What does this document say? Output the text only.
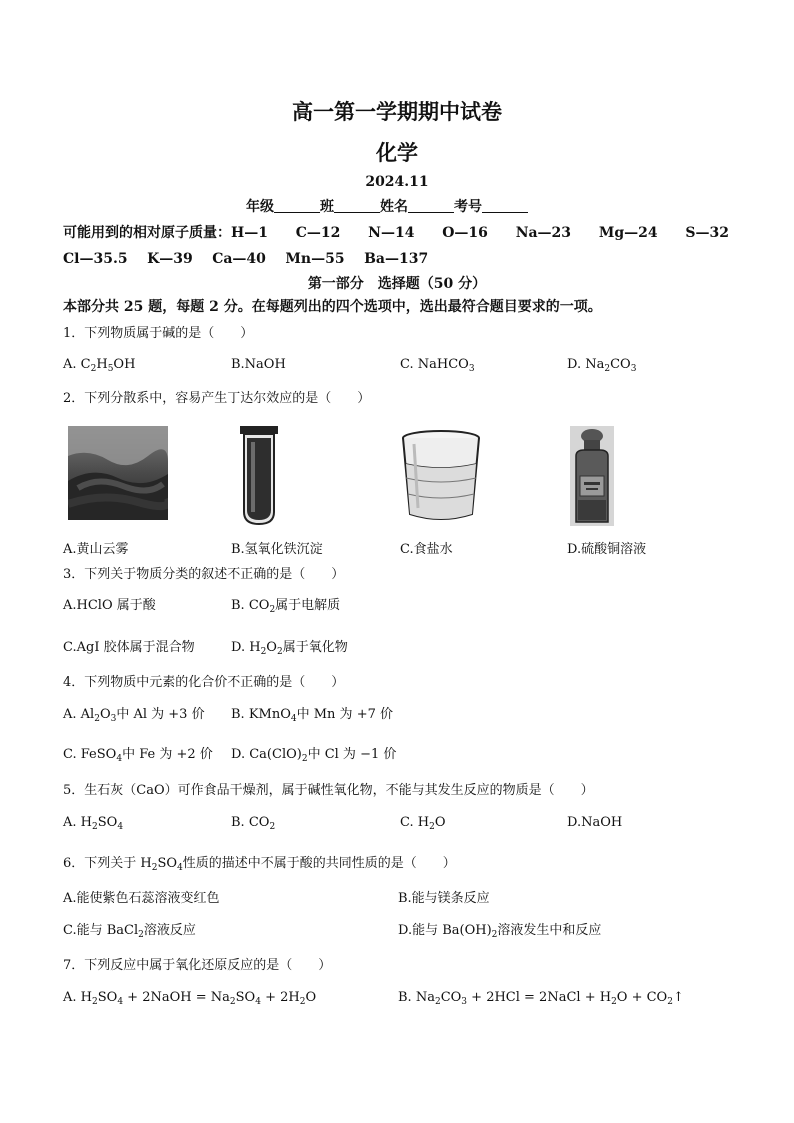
高一第一学期期中试卷
化学
2024.11
年级	班	姓名	考号
可能用到的相对原子质量：H—1 C—12 N—14 O—16 Na—23 Mg—24 S—32
Cl—35.5 K—39 Ca—40 Mn—55 Ba—137
第一部分　选择题（50 分）
本部分共 25 题，每题 2 分。在每题列出的四个选项中，选出最符合题目要求的一项。
1．下列物质属于碱的是（　　）
A. $C_2H_5OH$	B.NaOH	C. NaHCO$_3$	D. $Na_2CO_3$
2．下列分散系中，容易产生丁达尔效应的是（　　）
A.黄山云雾	B.氢氧化铁沉淀	C.食盐水	D.硫酸铜溶液
3．下列关于物质分类的叙述不正确的是（　　）
A.HClO 属于酸	B. $CO_2$属于电解质
C.AgI 胶体属于混合物	D. $H_2O_2$属于氧化物
4．下列物质中元素的化合价不正确的是（　　）
A. $Al_2O_3$中 Al 为 +3 价 B. KMnO$_4$中 Mn 为 +7 价
C. FeSO$_4$中 Fe 为 +2 价 D. $Ca(ClO)_2$中 Cl 为 −1 价
5．生石灰（CaO）可作食品干燥剂，属于碱性氧化物，不能与其发生反应的物质是（　　）
A. $H_2SO_4$	B. $CO_2$	C. $H_2O$	D.NaOH
6．下列关于 $H_2SO_4$性质的描述中不属于酸的共同性质的是（　　）
A.能使紫色石蕊溶液变红色	B.能与镁条反应
C.能与 BaCl$_2$溶液反应	D.能与 $Ba(OH)_2$溶液发生中和反应
7．下列反应中属于氧化还原反应的是（　　）
A. $H_2SO_4$ + 2NaOH = $Na_2SO_4 + 2H_2O$	B. $Na_2CO_3 + 2HCl$ = 2NaCl + $H_2O$ + $CO_2↑$
